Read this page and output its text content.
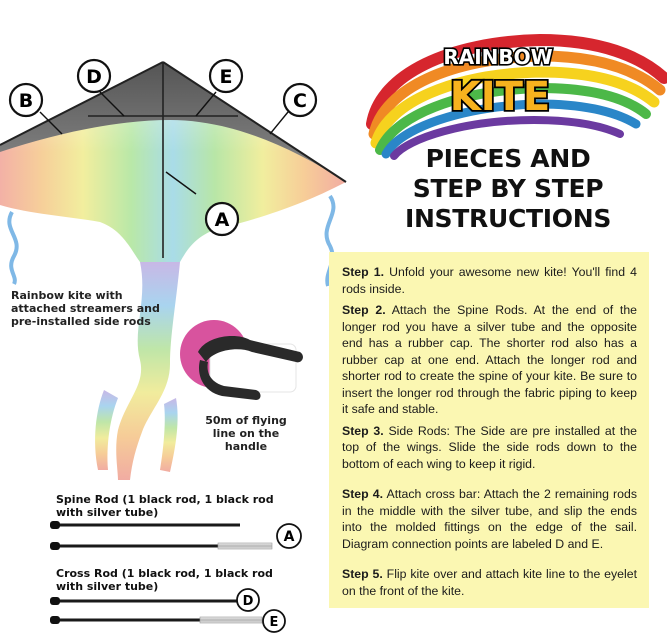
B
D	E
C
A
A
D
E
RAINBOW
KITE
PIECES AND
STEP BY STEP
INSTRUCTIONS
Rainbow kite with
attached streamers and
pre-installed side rods
50m of flying
line on the
handle
Spine Rod (1 black rod, 1 black rod
with silver tube)
Cross Rod (1 black rod, 1 black rod
with silver tube)

Step 1. Unfold your awesome new kite! You'll find 4 rods inside.

Step 2. Attach the Spine Rods. At the end of the longer rod you have a silver tube and the opposite end has a rubber cap. The shorter rod also has a rubber cap at one end. Attach the longer rod and shorter rod to create the spine of your kite. Be sure to insert the longer rod through the fabric piping to keep it safe and stable.

Step 3. Side Rods: The Side are pre installed at the top of the wings. Slide the side rods down to the bottom of each wing to keep it rigid.

Step 4. Attach cross bar: Attach the 2 remaining rods in the middle with the silver tube, and slip the ends into the molded fittings on the edge of the sail. Diagram connection points are labeled D and E.

Step 5. Flip kite over and attach kite line to the eyelet on the front of the kite.
